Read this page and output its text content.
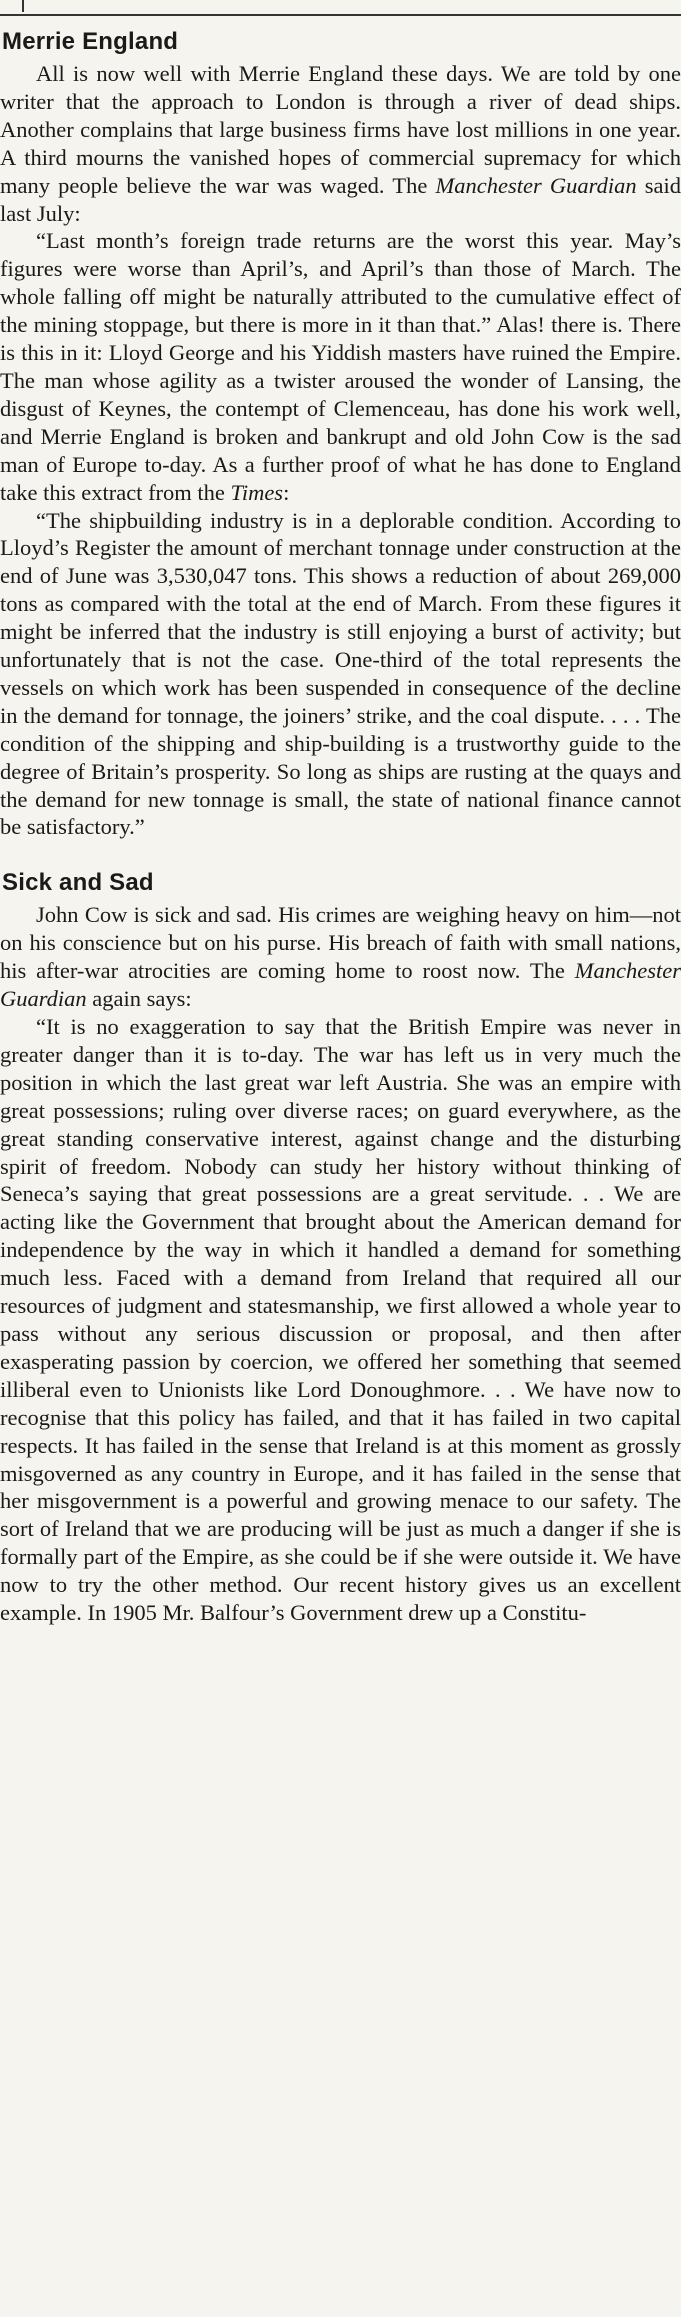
Merrie England

All is now well with Merrie England these days. We are told by one writer that the approach to London is through a river of dead ships. Another complains that large business firms have lost millions in one year. A third mourns the vanished hopes of commercial supremacy for which many people believe the war was waged. The Manchester Guardian said last July:

“Last month’s foreign trade returns are the worst this year. May’s figures were worse than April’s, and April’s than those of March. The whole falling off might be naturally attributed to the cumulative effect of the mining stoppage, but there is more in it than that.” Alas! there is. There is this in it: Lloyd George and his Yiddish masters have ruined the Empire. The man whose agility as a twister aroused the wonder of Lansing, the disgust of Keynes, the contempt of Clemenceau, has done his work well, and Merrie England is broken and bankrupt and old John Cow is the sad man of Europe to-day. As a further proof of what he has done to England take this extract from the Times:

“The shipbuilding industry is in a deplorable condition. According to Lloyd’s Register the amount of merchant tonnage under construction at the end of June was 3,530,047 tons. This shows a reduction of about 269,000 tons as compared with the total at the end of March. From these figures it might be inferred that the industry is still enjoying a burst of activity; but unfortunately that is not the case. One-third of the total represents the vessels on which work has been suspended in consequence of the decline in the demand for tonnage, the joiners’ strike, and the coal dispute. . . . The condition of the shipping and ship-building is a trustworthy guide to the degree of Britain’s prosperity. So long as ships are rusting at the quays and the demand for new tonnage is small, the state of national finance cannot be satisfactory.”

Sick and Sad

John Cow is sick and sad. His crimes are weighing heavy on him—not on his conscience but on his purse. His breach of faith with small nations, his after-war atrocities are coming home to roost now. The Manchester Guardian again says:

“It is no exaggeration to say that the British Empire was never in greater danger than it is to-day. The war has left us in very much the position in which the last great war left Austria. She was an empire with great possessions; ruling over diverse races; on guard everywhere, as the great standing conservative interest, against change and the disturbing spirit of freedom. Nobody can study her history without thinking of Seneca’s saying that great possessions are a great servitude. . . We are acting like the Government that brought about the American demand for independence by the way in which it handled a demand for something much less. Faced with a demand from Ireland that required all our resources of judgment and statesmanship, we first allowed a whole year to pass without any serious discussion or proposal, and then after exasperating passion by coercion, we offered her something that seemed illiberal even to Unionists like Lord Donoughmore. . . We have now to recognise that this policy has failed, and that it has failed in two capital respects. It has failed in the sense that Ireland is at this moment as grossly misgoverned as any country in Europe, and it has failed in the sense that her misgovernment is a powerful and growing menace to our safety. The sort of Ireland that we are producing will be just as much a danger if she is formally part of the Empire, as she could be if she were outside it. We have now to try the other method. Our recent history gives us an excellent example. In 1905 Mr. Balfour’s Government drew up a Constitu-
